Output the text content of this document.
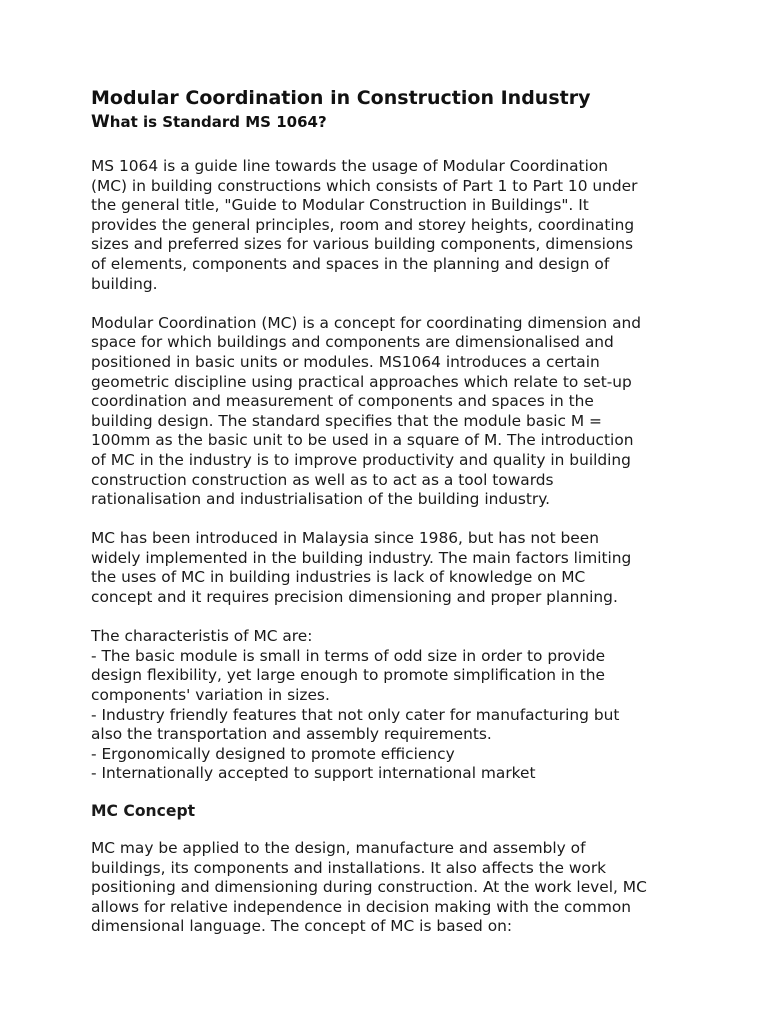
Modular Coordination in Construction Industry
What is Standard MS 1064?

MS 1064 is a guide line towards the usage of Modular Coordination
(MC) in building constructions which consists of Part 1 to Part 10 under
the general title, "Guide to Modular Construction in Buildings". It
provides the general principles, room and storey heights, coordinating
sizes and preferred sizes for various building components, dimensions
of elements, components and spaces in the planning and design of
building.

Modular Coordination (MC) is a concept for coordinating dimension and
space for which buildings and components are dimensionalised and
positioned in basic units or modules. MS1064 introduces a certain
geometric discipline using practical approaches which relate to set-up
coordination and measurement of components and spaces in the
building design. The standard specifies that the module basic M =
100mm as the basic unit to be used in a square of M. The introduction
of MC in the industry is to improve productivity and quality in building
construction construction as well as to act as a tool towards
rationalisation and industrialisation of the building industry.

MC has been introduced in Malaysia since 1986, but has not been
widely implemented in the building industry. The main factors limiting
the uses of MC in building industries is lack of knowledge on MC
concept and it requires precision dimensioning and proper planning.

The characteristis of MC are:
- The basic module is small in terms of odd size in order to provide
design flexibility, yet large enough to promote simplification in the
components' variation in sizes.
- Industry friendly features that not only cater for manufacturing but
also the transportation and assembly requirements.
- Ergonomically designed to promote efficiency
- Internationally accepted to support international market

MC Concept

MC may be applied to the design, manufacture and assembly of
buildings, its components and installations. It also affects the work
positioning and dimensioning during construction. At the work level, MC
allows for relative independence in decision making with the common
dimensional language. The concept of MC is based on:
